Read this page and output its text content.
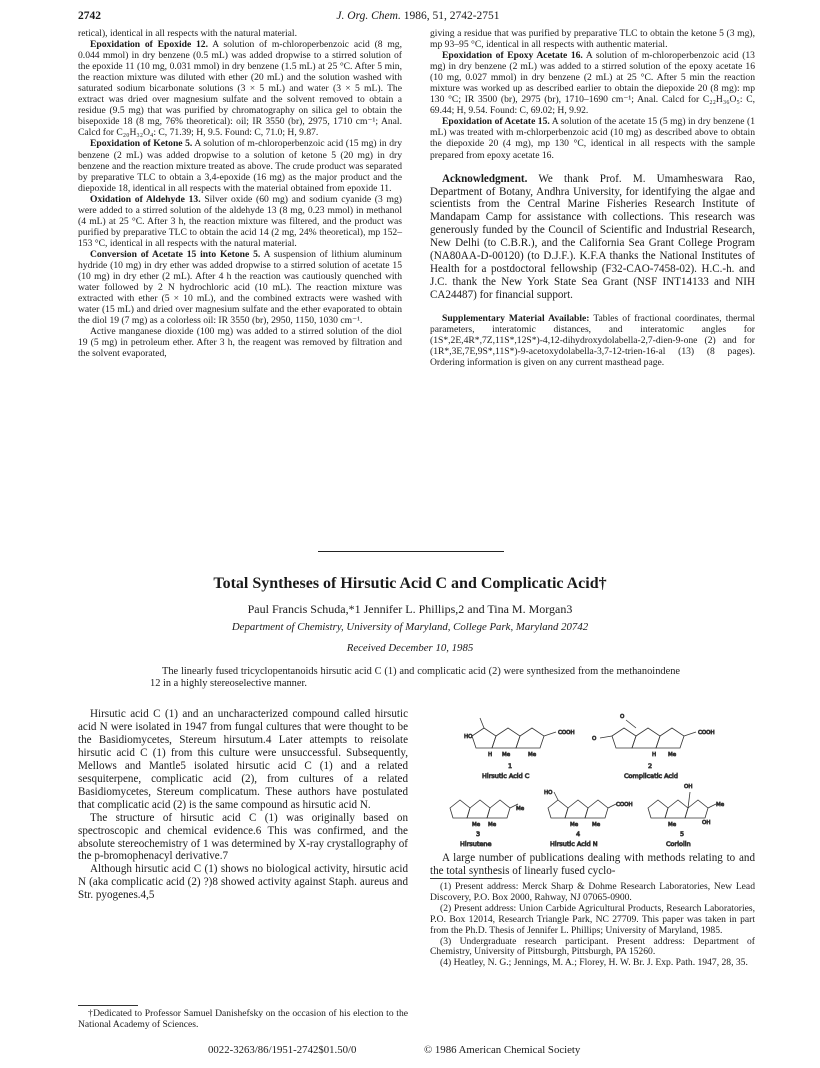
2742	J. Org. Chem. 1986, 51, 2742-2751

retical), identical in all respects with the natural material.

Epoxidation of Epoxide 12. A solution of m-chloroperbenzoic acid (8 mg, 0.044 mmol) in dry benzene (0.5 mL) was added dropwise to a stirred solution of the epoxide 11 (10 mg, 0.031 mmol) in dry benzene (1.5 mL) at 25 °C. After 5 min, the reaction mixture was diluted with ether (20 mL) and the solution washed with saturated sodium bicarbonate solutions (3 × 5 mL) and water (3 × 5 mL). The extract was dried over magnesium sulfate and the solvent removed to obtain a residue (9.5 mg) that was purified by chromatography on silica gel to obtain the bisepoxide 18 (8 mg, 76% theoretical): oil; IR 3550 (br), 2975, 1710 cm⁻¹; Anal. Calcd for C₂₀H₃₂O₄: C, 71.39; H, 9.5. Found: C, 71.0; H, 9.87.

Epoxidation of Ketone 5. A solution of m-chloroperbenzoic acid (15 mg) in dry benzene (2 mL) was added dropwise to a solution of ketone 5 (20 mg) in dry benzene and the reaction mixture treated as above. The crude product was separated by preparative TLC to obtain a 3,4-epoxide (16 mg) as the major product and the diepoxide 18, identical in all respects with the material obtained from epoxide 11.

Oxidation of Aldehyde 13. Silver oxide (60 mg) and sodium cyanide (3 mg) were added to a stirred solution of the aldehyde 13 (8 mg, 0.23 mmol) in methanol (4 mL) at 25 °C. After 3 h, the reaction mixture was filtered, and the product was purified by preparative TLC to obtain the acid 14 (2 mg, 24% theoretical), mp 152–153 °C, identical in all respects with the natural material.

Conversion of Acetate 15 into Ketone 5. A suspension of lithium aluminum hydride (10 mg) in dry ether was added dropwise to a stirred solution of acetate 15 (10 mg) in dry ether (2 mL). After 4 h the reaction was cautiously quenched with water followed by 2 N hydrochloric acid (10 mL). The reaction mixture was extracted with ether (5 × 10 mL), and the combined extracts were washed with water (15 mL) and dried over magnesium sulfate and the ether evaporated to obtain the diol 19 (7 mg) as a colorless oil: IR 3550 (br), 2950, 1150, 1030 cm⁻¹.

Active manganese dioxide (100 mg) was added to a stirred solution of the diol 19 (5 mg) in petroleum ether. After 3 h, the reagent was removed by filtration and the solvent evaporated,

giving a residue that was purified by preparative TLC to obtain the ketone 5 (3 mg), mp 93–95 °C, identical in all respects with authentic material.

Epoxidation of Epoxy Acetate 16. A solution of m-chloroperbenzoic acid (13 mg) in dry benzene (2 mL) was added to a stirred solution of the epoxy acetate 16 (10 mg, 0.027 mmol) in dry benzene (2 mL) at 25 °C. After 5 min the reaction mixture was worked up as described earlier to obtain the diepoxide 20 (8 mg): mp 130 °C; IR 3500 (br), 2975 (br), 1710–1690 cm⁻¹; Anal. Calcd for C₂₂H₃₆O₅: C, 69.44; H, 9.54. Found: C, 69.02; H, 9.92.

Epoxidation of Acetate 15. A solution of the acetate 15 (5 mg) in dry benzene (1 mL) was treated with m-chlorperbenzoic acid (10 mg) as described above to obtain the diepoxide 20 (4 mg), mp 130 °C, identical in all respects with the sample prepared from epoxy acetate 16.

Acknowledgment. We thank Prof. M. Umamheswara Rao, Department of Botany, Andhra University, for identifying the algae and scientists from the Central Marine Fisheries Research Institute of Mandapam Camp for assistance with collections. This research was generously funded by the Council of Scientific and Industrial Research, New Delhi (to C.B.R.), and the California Sea Grant College Program (NA80AA-D-00120) (to D.J.F.). K.F.A thanks the National Institutes of Health for a postdoctoral fellowship (F32-CAO-7458-02). H.C.-h. and J.C. thank the New York State Sea Grant (NSF INT14133 and NIH CA24487) for financial support.

Supplementary Material Available: Tables of fractional coordinates, thermal parameters, interatomic distances, and interatomic angles for (1S*,2E,4R*,7Z,11S*,12S*)-4,12-dihydroxydolabella-2,7-dien-9-one (2) and for (1R*,3E,7E,9S*,11S*)-9-acetoxydolabella-3,7-12-trien-16-al (13) (8 pages). Ordering information is given on any current masthead page.

Total Syntheses of Hirsutic Acid C and Complicatic Acid†
Paul Francis Schuda,*1 Jennifer L. Phillips,2 and Tina M. Morgan3
Department of Chemistry, University of Maryland, College Park, Maryland 20742
Received December 10, 1985
The linearly fused tricyclopentanoids hirsutic acid C (1) and complicatic acid (2) were synthesized from the methanoindene 12 in a highly stereoselective manner.

Hirsutic acid C (1) and an uncharacterized compound called hirsutic acid N were isolated in 1947 from fungal cultures that were thought to be the Basidiomycetes, Stereum hirsutum.4 Later attempts to reisolate hirsutic acid C (1) from this culture were unsuccessful. Subsequently, Mellows and Mantle5 isolated hirsutic acid C (1) and a related sesquiterpene, complicatic acid (2), from cultures of a related Basidiomycetes, Stereum complicatum. These authors have postulated that complicatic acid (2) is the same compound as hirsutic acid N.

The structure of hirsutic acid C (1) was originally based on spectroscopic and chemical evidence.6 This was confirmed, and the absolute stereochemistry of 1 was determined by X-ray crystallography of the p-bromophenacyl derivative.7

Although hirsutic acid C (1) shows no biological activity, hirsutic acid N (aka complicatic acid (2) ?)8 showed activity against Staph. aureus and Str. pyogenes.4,5

HO
COOH
Me	Me
H
1
Hirsutic Acid C
O
O
COOH
Me
H
2
Complicatic Acid
Me
Me Me
3
Hirsutene
HO
COOH
Me	Me
4
Hirsutic Acid N
OH
Me
OH
Me
5
Coriolin

A large number of publications dealing with methods relating to and the total synthesis of linearly fused cyclo-

(1) Present address: Merck Sharp & Dohme Research Laboratories, New Lead Discovery, P.O. Box 2000, Rahway, NJ 07065-0900.

(2) Present address: Union Carbide Agricultural Products, Research Laboratories, P.O. Box 12014, Research Triangle Park, NC 27709. This paper was taken in part from the Ph.D. Thesis of Jennifer L. Phillips; University of Maryland, 1985.

(3) Undergraduate research participant. Present address: Department of Chemistry, University of Pittsburgh, Pittsburgh, PA 15260.

(4) Heatley, N. G.; Jennings, M. A.; Florey, H. W. Br. J. Exp. Path. 1947, 28, 35.

†Dedicated to Professor Samuel Danishefsky on the occasion of his election to the National Academy of Sciences.
0022-3263/86/1951-2742$01.50/0	© 1986 American Chemical Society
